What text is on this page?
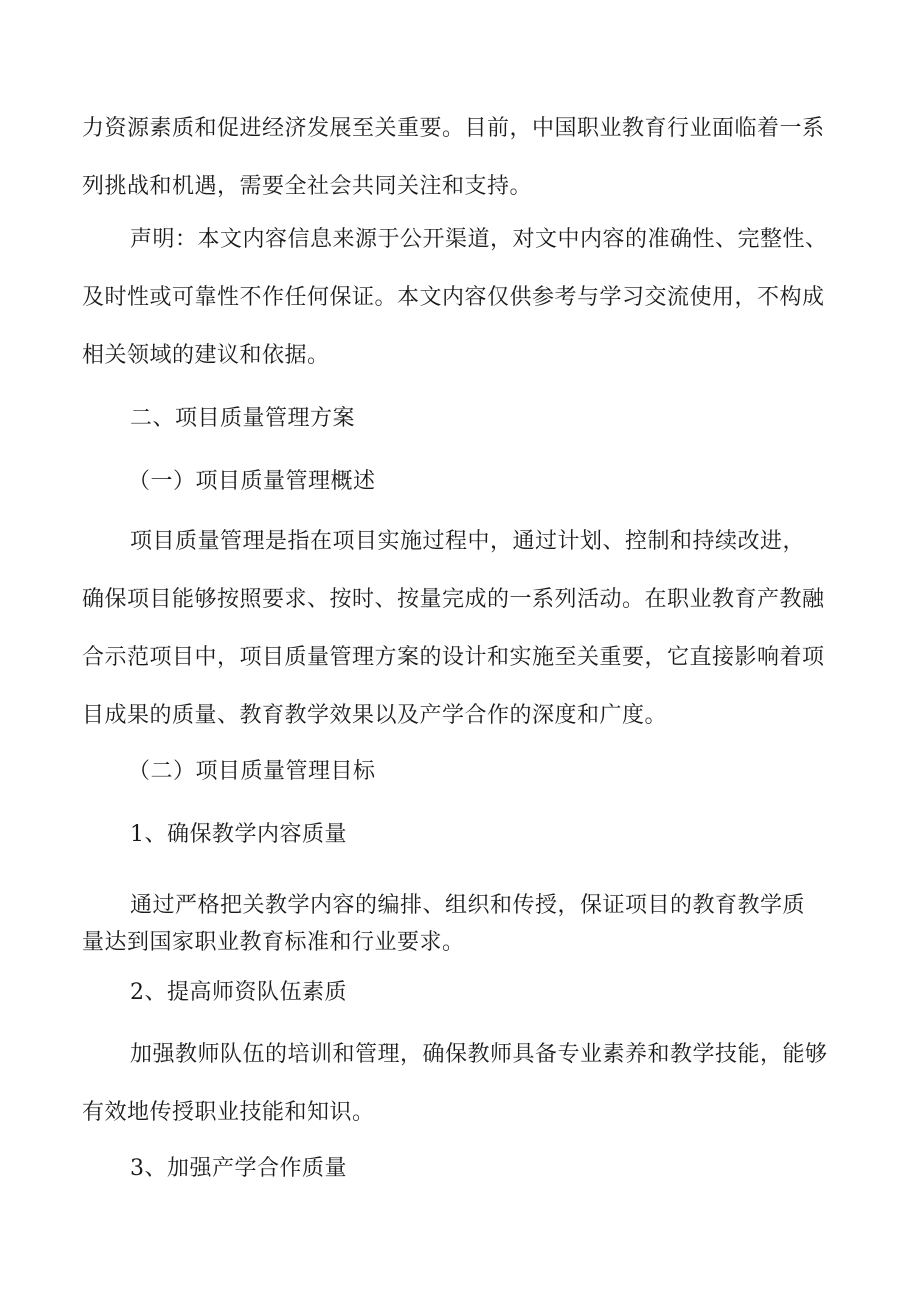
力资源素质和促进经济发展至关重要。目前，中国职业教育行业面临着一系
列挑战和机遇，需要全社会共同关注和支持。

声明：本文内容信息来源于公开渠道，对文中内容的准确性、完整性、
及时性或可靠性不作任何保证。本文内容仅供参考与学习交流使用，不构成
相关领域的建议和依据。

二、项目质量管理方案

（一）项目质量管理概述

项目质量管理是指在项目实施过程中，通过计划、控制和持续改进，
确保项目能够按照要求、按时、按量完成的一系列活动。在职业教育产教融
合示范项目中，项目质量管理方案的设计和实施至关重要，它直接影响着项
目成果的质量、教育教学效果以及产学合作的深度和广度。

（二）项目质量管理目标

1、确保教学内容质量

通过严格把关教学内容的编排、组织和传授，保证项目的教育教学质
量达到国家职业教育标准和行业要求。

2、提高师资队伍素质

加强教师队伍的培训和管理，确保教师具备专业素养和教学技能，能够
有效地传授职业技能和知识。

3、加强产学合作质量
